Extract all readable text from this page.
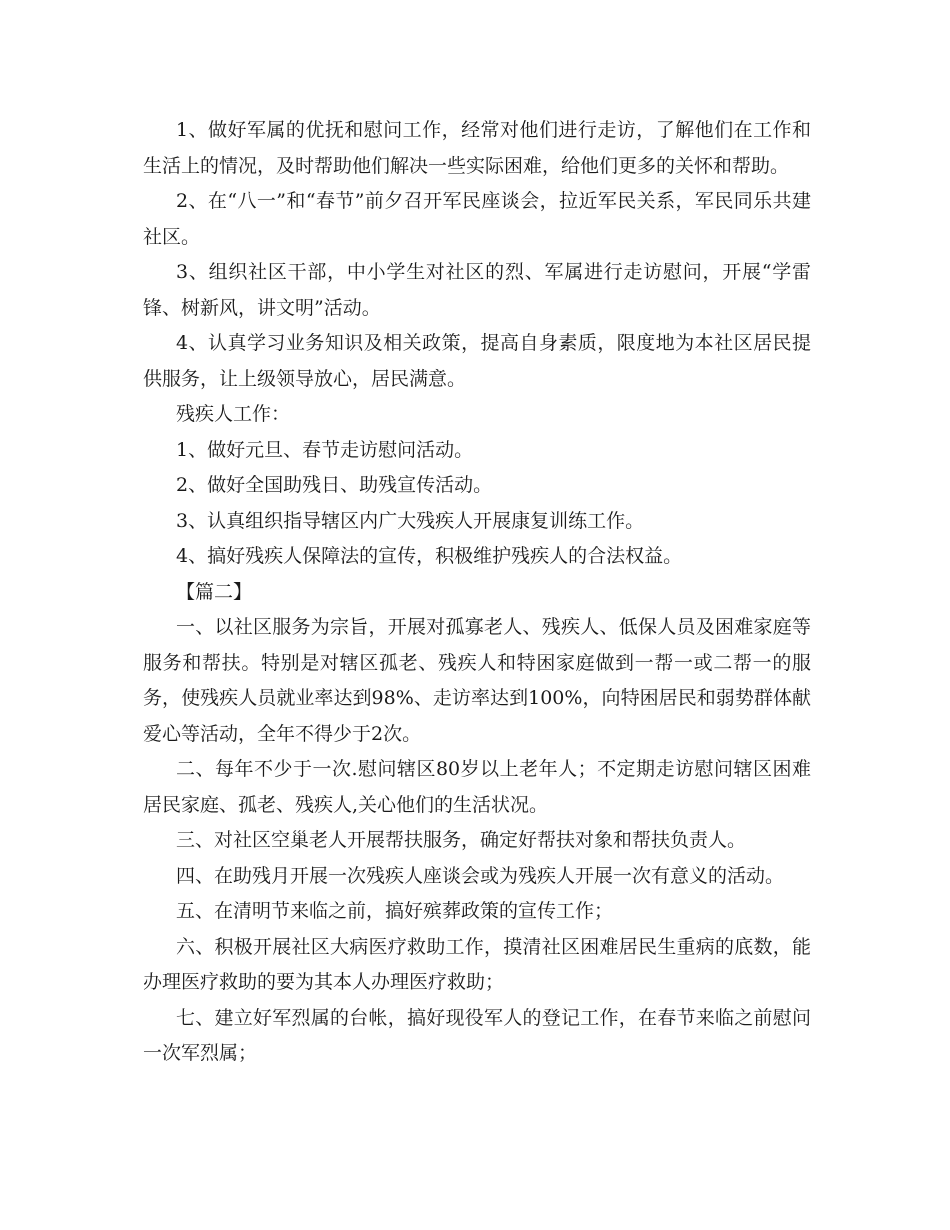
1、做好军属的优抚和慰问工作，经常对他们进行走访，了解他们在工作和生活上的情况，及时帮助他们解决一些实际困难，给他们更多的关怀和帮助。

2、在“八一”和“春节”前夕召开军民座谈会，拉近军民关系，军民同乐共建社区。

3、组织社区干部，中小学生对社区的烈、军属进行走访慰问，开展“学雷锋、树新风，讲文明”活动。

4、认真学习业务知识及相关政策，提高自身素质，限度地为本社区居民提供服务，让上级领导放心，居民满意。

残疾人工作：

1、做好元旦、春节走访慰问活动。

2、做好全国助残日、助残宣传活动。

3、认真组织指导辖区内广大残疾人开展康复训练工作。

4、搞好残疾人保障法的宣传，积极维护残疾人的合法权益。

【篇二】

一、以社区服务为宗旨，开展对孤寡老人、残疾人、低保人员及困难家庭等服务和帮扶。特别是对辖区孤老、残疾人和特困家庭做到一帮一或二帮一的服务，使残疾人员就业率达到98%、走访率达到100%，向特困居民和弱势群体献爱心等活动，全年不得少于2次。

二、每年不少于一次.慰问辖区80岁以上老年人；不定期走访慰问辖区困难居民家庭、孤老、残疾人,关心他们的生活状况。

三、对社区空巢老人开展帮扶服务，确定好帮扶对象和帮扶负责人。

四、在助残月开展一次残疾人座谈会或为残疾人开展一次有意义的活动。

五、在清明节来临之前，搞好殡葬政策的宣传工作；

六、积极开展社区大病医疗救助工作，摸清社区困难居民生重病的底数，能办理医疗救助的要为其本人办理医疗救助；

七、建立好军烈属的台帐，搞好现役军人的登记工作，在春节来临之前慰问一次军烈属；
